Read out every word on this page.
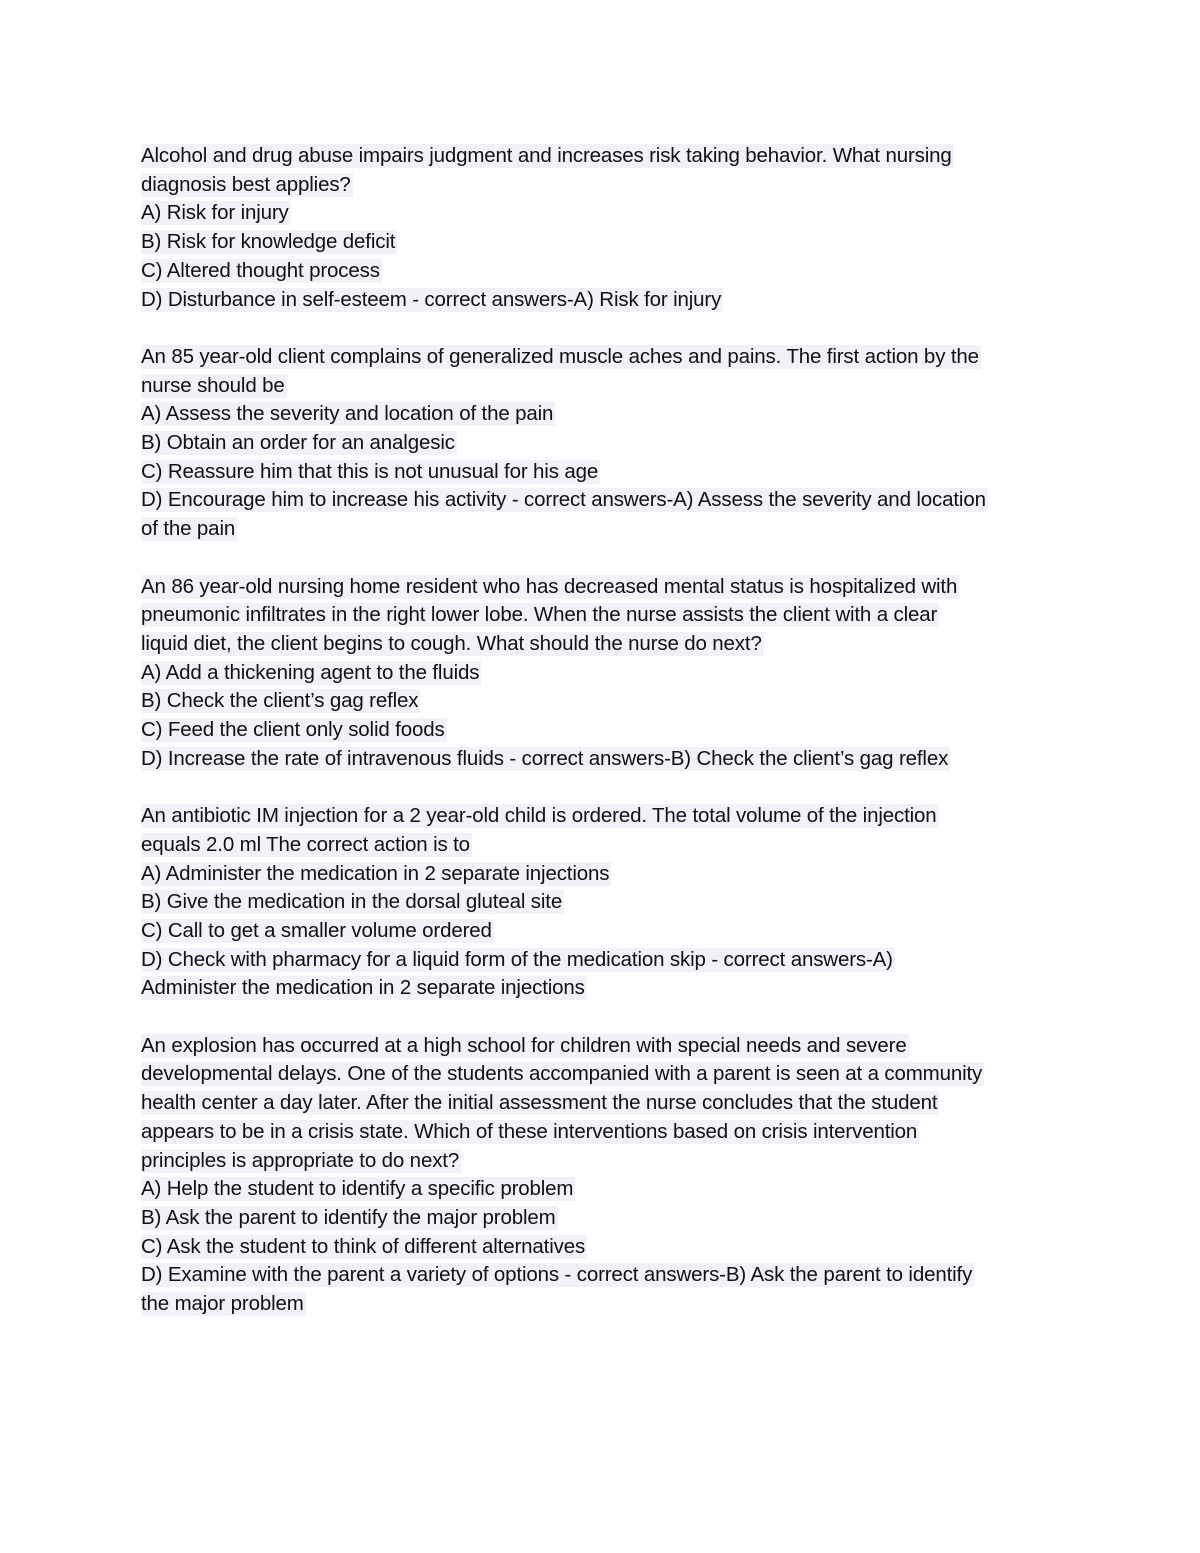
Alcohol and drug abuse impairs judgment and increases risk taking behavior. What nursing
diagnosis best applies?
A) Risk for injury
B) Risk for knowledge deficit
C) Altered thought process
D) Disturbance in self-esteem - correct answers-A) Risk for injury
An 85 year-old client complains of generalized muscle aches and pains. The first action by the
nurse should be
A) Assess the severity and location of the pain
B) Obtain an order for an analgesic
C) Reassure him that this is not unusual for his age
D) Encourage him to increase his activity - correct answers-A) Assess the severity and location
of the pain
An 86 year-old nursing home resident who has decreased mental status is hospitalized with
pneumonic infiltrates in the right lower lobe. When the nurse assists the client with a clear
liquid diet, the client begins to cough. What should the nurse do next?
A) Add a thickening agent to the fluids
B) Check the client’s gag reflex
C) Feed the client only solid foods
D) Increase the rate of intravenous fluids - correct answers-B) Check the client’s gag reflex
An antibiotic IM injection for a 2 year-old child is ordered. The total volume of the injection
equals 2.0 ml The correct action is to
A) Administer the medication in 2 separate injections
B) Give the medication in the dorsal gluteal site
C) Call to get a smaller volume ordered
D) Check with pharmacy for a liquid form of the medication skip - correct answers-A)
Administer the medication in 2 separate injections
An explosion has occurred at a high school for children with special needs and severe
developmental delays. One of the students accompanied with a parent is seen at a community
health center a day later. After the initial assessment the nurse concludes that the student
appears to be in a crisis state. Which of these interventions based on crisis intervention
principles is appropriate to do next?
A) Help the student to identify a specific problem
B) Ask the parent to identify the major problem
C) Ask the student to think of different alternatives
D) Examine with the parent a variety of options - correct answers-B) Ask the parent to identify
the major problem
